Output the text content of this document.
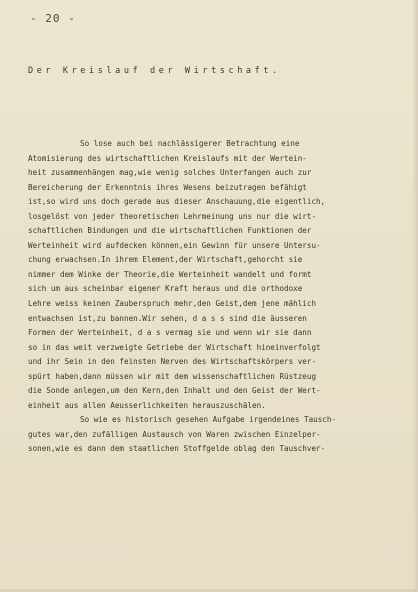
- 20 -
Der Kreislauf der Wirtschaft.
So lose auch bei nachlässigerer Betrachtung eine
Atomisierung des wirtschaftlichen Kreislaufs mit der Wertein-
heit zusammenhängen mag,wie wenig solches Unterfangen auch zur
Bereicherung der Erkenntnis ihres Wesens beizutragen befähigt
ist,so wird uns doch gerade aus dieser Anschauung,die eigentlich,
losgelöst von jeder theoretischen Lehrmeinung uns nur die wirt-
schaftlichen Bindungen und die wirtschaftlichen Funktionen der
Werteinheit wird aufdecken können,ein Gewinn für unsere Untersu-
chung erwachsen.In ihrem Element,der Wirtschaft,gehorcht sie
nimmer dem Winke der Theorie,die Werteinheit wandelt und formt
sich um aus scheinbar eigener Kraft heraus und die orthodoxe
Lehre weiss keinen Zauberspruch mehr,den Geist,dem jene mählich
entwachsen ist,zu bannen.Wir sehen, d a s s sind die äusseren
Formen der Werteinheit, d a s vermag sie und wenn wir sie dann
so in das weit verzweigte Getriebe der Wirtschaft hineinverfolgt
und ihr Sein in den feinsten Nerven des Wirtschaftskörpers ver-
spürt haben,dann müssen wir mit dem wissenschaftlichen Rüstzeug
die Sonde anlegen,um den Kern,den Inhalt und den Geist der Wert-
einheit aus allen Aeusserlichkeiten herauszuschälen.
So wie es historisch gesehen Aufgabe irgendeines Tausch-
gutes war,den zufälligen Austausch von Waren zwischen Einzelper-
sonen,wie es dann dem staatlichen Stoffgelde oblag den Tauschver-
